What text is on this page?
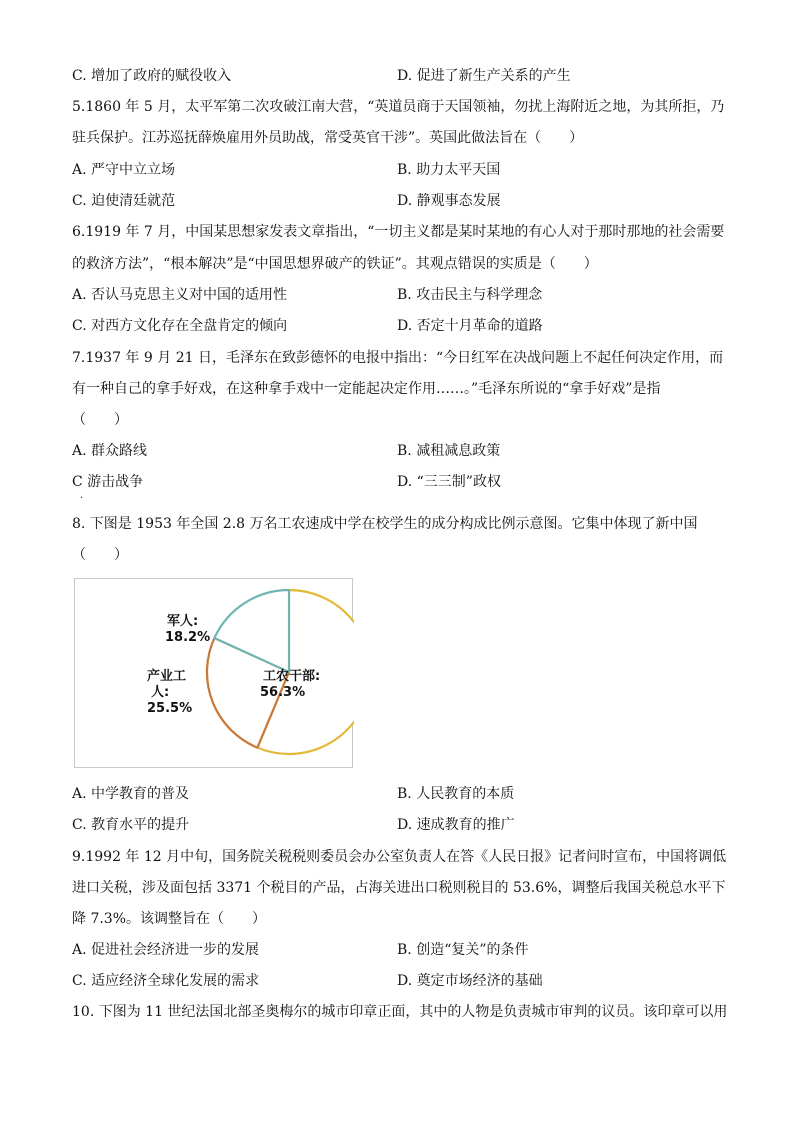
C. 增加了政府的赋役收入	D. 促进了新生产关系的产生
5.1860 年 5 月，太平军第二次攻破江南大营，“英道员商于天国领袖，勿扰上海附近之地，为其所拒，乃
驻兵保护。江苏巡抚薛焕雇用外员助战，常受英官干涉”。英国此做法旨在（　　）
A. 严守中立立场	B. 助力太平天国
C. 迫使清廷就范	D. 静观事态发展
6.1919 年 7 月，中国某思想家发表文章指出，“一切主义都是某时某地的有心人对于那时那地的社会需要
的救济方法”，“根本解决”是“中国思想界破产的铁证”。其观点错误的实质是（　　）
A. 否认马克思主义对中国的适用性	B. 攻击民主与科学理念
C. 对西方文化存在全盘肯定的倾向	D. 否定十月革命的道路
7.1937 年 9 月 21 日，毛泽东在致彭德怀的电报中指出：“今日红军在决战问题上不起任何决定作用，而
有一种自己的拿手好戏，在这种拿手戏中一定能起决定作用……。”毛泽东所说的“拿手好戏”是指
（　　）
A. 群众路线	B. 减租减息政策
C 游击战争	D. “三三制”政权
.
8. 下图是 1953 年全国 2.8 万名工农速成中学在校学生的成分构成比例示意图。它集中体现了新中国
（　　）
军人: 18.2%
产业工 人: 25.5%
工农干部: 56.3%
A. 中学教育的普及	B. 人民教育的本质
C. 教育水平的提升	D. 速成教育的推广
9.1992 年 12 月中旬，国务院关税税则委员会办公室负责人在答《人民日报》记者问时宣布，中国将调低
进口关税，涉及面包括 3371 个税目的产品，占海关进出口税则税目的 53.6%，调整后我国关税总水平下
降 7.3%。该调整旨在（　　）
A. 促进社会经济进一步的发展	B. 创造“复关”的条件
C. 适应经济全球化发展的需求	D. 奠定市场经济的基础
10. 下图为 11 世纪法国北部圣奥梅尔的城市印章正面，其中的人物是负责城市审判的议员。该印章可以用
